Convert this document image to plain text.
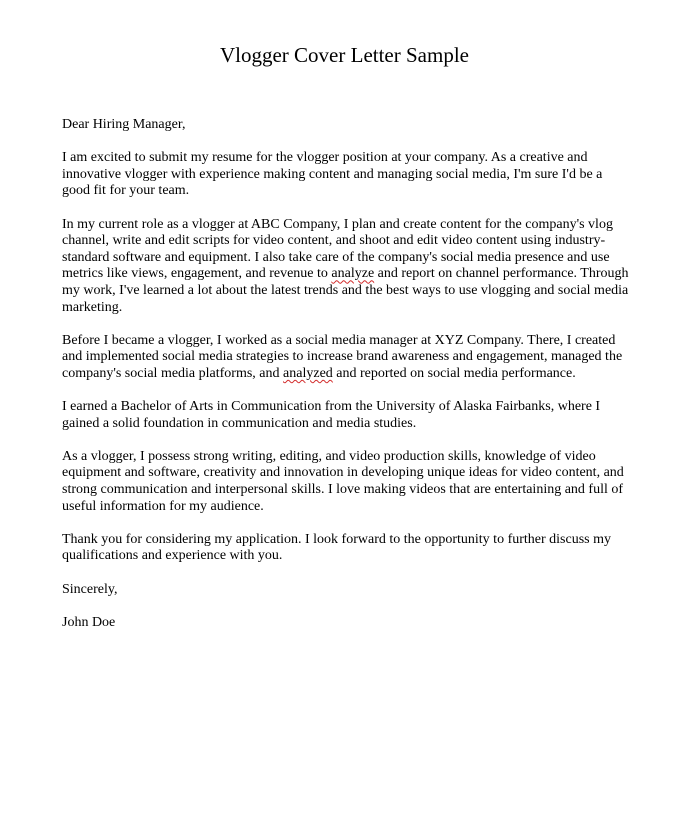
Vlogger Cover Letter Sample

Dear Hiring Manager,

I am excited to submit my resume for the vlogger position at your company. As a creative and innovative vlogger with experience making content and managing social media, I'm sure I'd be a good fit for your team.

In my current role as a vlogger at ABC Company, I plan and create content for the company's vlog channel, write and edit scripts for video content, and shoot and edit video content using industry-standard software and equipment. I also take care of the company's social media presence and use metrics like views, engagement, and revenue to analyze and report on channel performance. Through my work, I've learned a lot about the latest trends and the best ways to use vlogging and social media marketing.

Before I became a vlogger, I worked as a social media manager at XYZ Company. There, I created and implemented social media strategies to increase brand awareness and engagement, managed the company's social media platforms, and analyzed and reported on social media performance.

I earned a Bachelor of Arts in Communication from the University of Alaska Fairbanks, where I gained a solid foundation in communication and media studies.

As a vlogger, I possess strong writing, editing, and video production skills, knowledge of video equipment and software, creativity and innovation in developing unique ideas for video content, and strong communication and interpersonal skills. I love making videos that are entertaining and full of useful information for my audience.

Thank you for considering my application. I look forward to the opportunity to further discuss my qualifications and experience with you.

Sincerely,

John Doe
